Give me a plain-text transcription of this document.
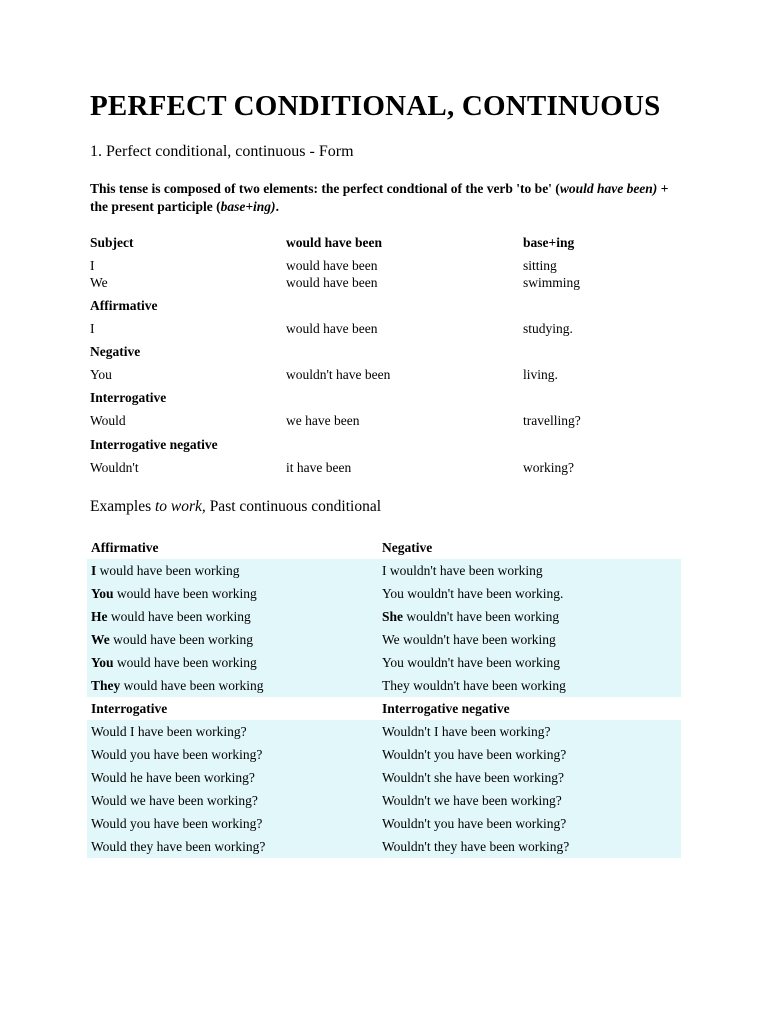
PERFECT CONDITIONAL, CONTINUOUS
1. Perfect conditional, continuous - Form
This tense is composed of two elements: the perfect condtional of the verb 'to be' (would have been) + the present participle (base+ing).
Subject	would have been	base+ing
I	would have been	sitting
We	would have been	swimming
Affirmative
I	would have been	studying.
Negative
You	wouldn't have been	living.
Interrogative
Would	we have been	travelling?
Interrogative negative
Wouldn't	it have been	working?
Examples to work, Past continuous conditional
Affirmative	Negative
I would have been working	I wouldn't have been working
You would have been working	You wouldn't have been working.
He would have been working	She wouldn't have been working
We would have been working	We wouldn't have been working
You would have been working	You wouldn't have been working
They would have been working	They wouldn't have been working
Interrogative	Interrogative negative
Would I have been working?	Wouldn't I have been working?
Would you have been working?	Wouldn't you have been working?
Would he have been working?	Wouldn't she have been working?
Would we have been working?	Wouldn't we have been working?
Would you have been working?	Wouldn't you have been working?
Would they have been working?	Wouldn't they have been working?
